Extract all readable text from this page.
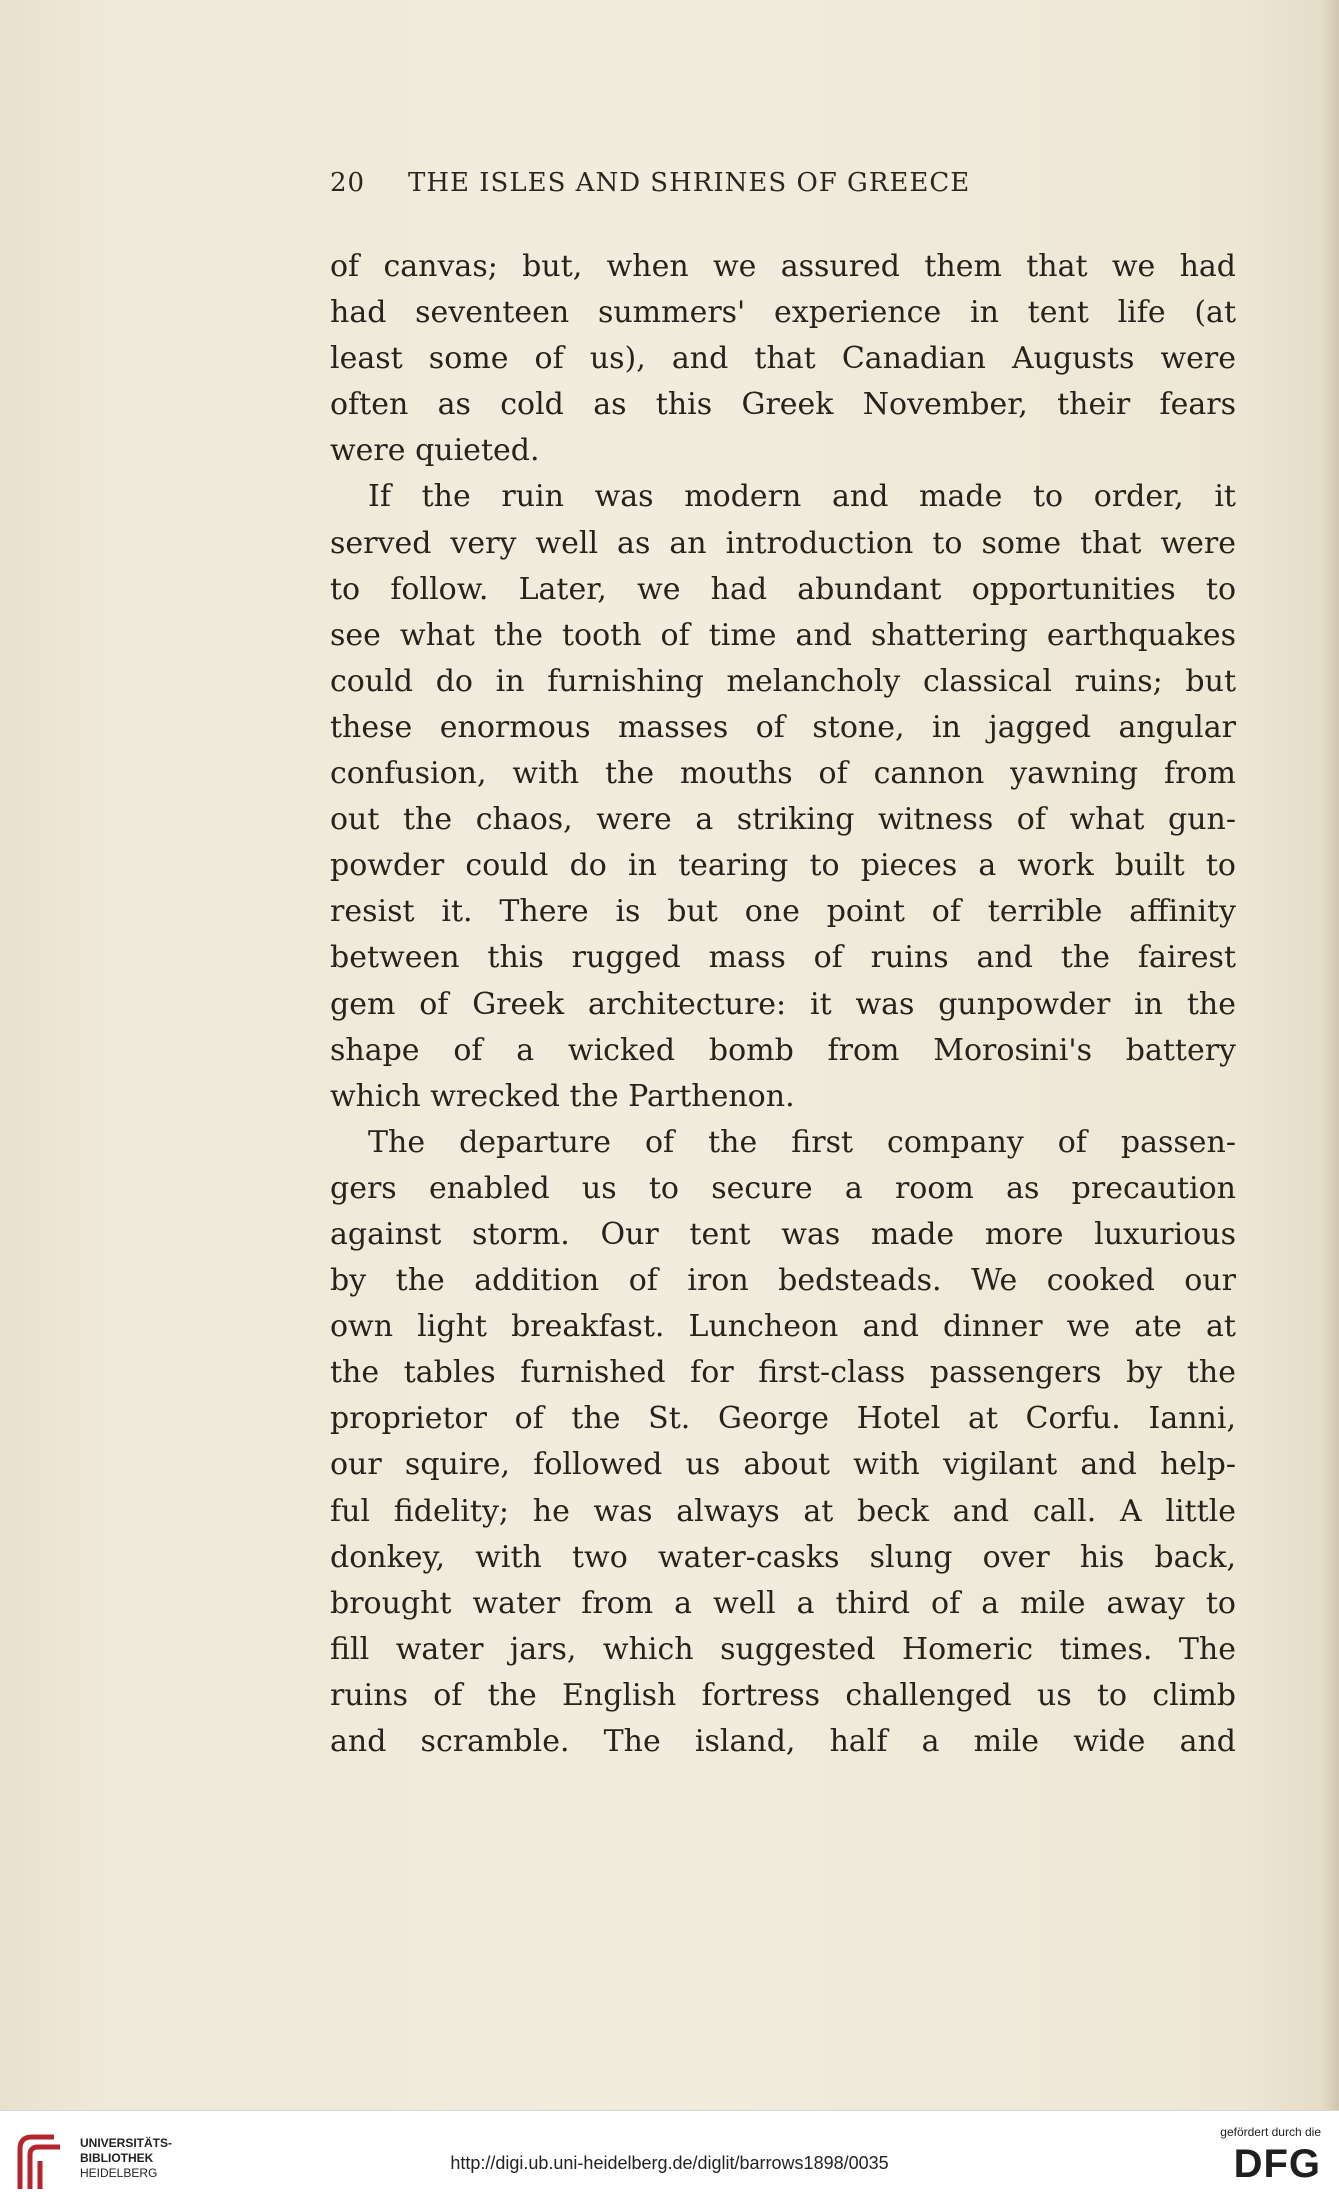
20 THE ISLES AND SHRINES OF GREECE
of canvas; but, when we assured them that we had
had seventeen summers' experience in tent life (at
least some of us), and that Canadian Augusts were
often as cold as this Greek November, their fears
were quieted.
If the ruin was modern and made to order, it
served very well as an introduction to some that were
to follow. Later, we had abundant opportunities to
see what the tooth of time and shattering earthquakes
could do in furnishing melancholy classical ruins; but
these enormous masses of stone, in jagged angular
confusion, with the mouths of cannon yawning from
out the chaos, were a striking witness of what gun-
powder could do in tearing to pieces a work built to
resist it. There is but one point of terrible affinity
between this rugged mass of ruins and the fairest
gem of Greek architecture: it was gunpowder in the
shape of a wicked bomb from Morosini's battery
which wrecked the Parthenon.
The departure of the first company of passen-
gers enabled us to secure a room as precaution
against storm. Our tent was made more luxurious
by the addition of iron bedsteads. We cooked our
own light breakfast. Luncheon and dinner we ate at
the tables furnished for first-class passengers by the
proprietor of the St. George Hotel at Corfu. Ianni,
our squire, followed us about with vigilant and help-
ful fidelity; he was always at beck and call. A little
donkey, with two water-casks slung over his back,
brought water from a well a third of a mile away to
fill water jars, which suggested Homeric times. The
ruins of the English fortress challenged us to climb
and scramble. The island, half a mile wide and
UNIVERSITÄTS-
BIBLIOTHEK
HEIDELBERG	http://digi.ub.uni-heidelberg.de/diglit/barrows1898/0035
gefördert durch die
DFG
